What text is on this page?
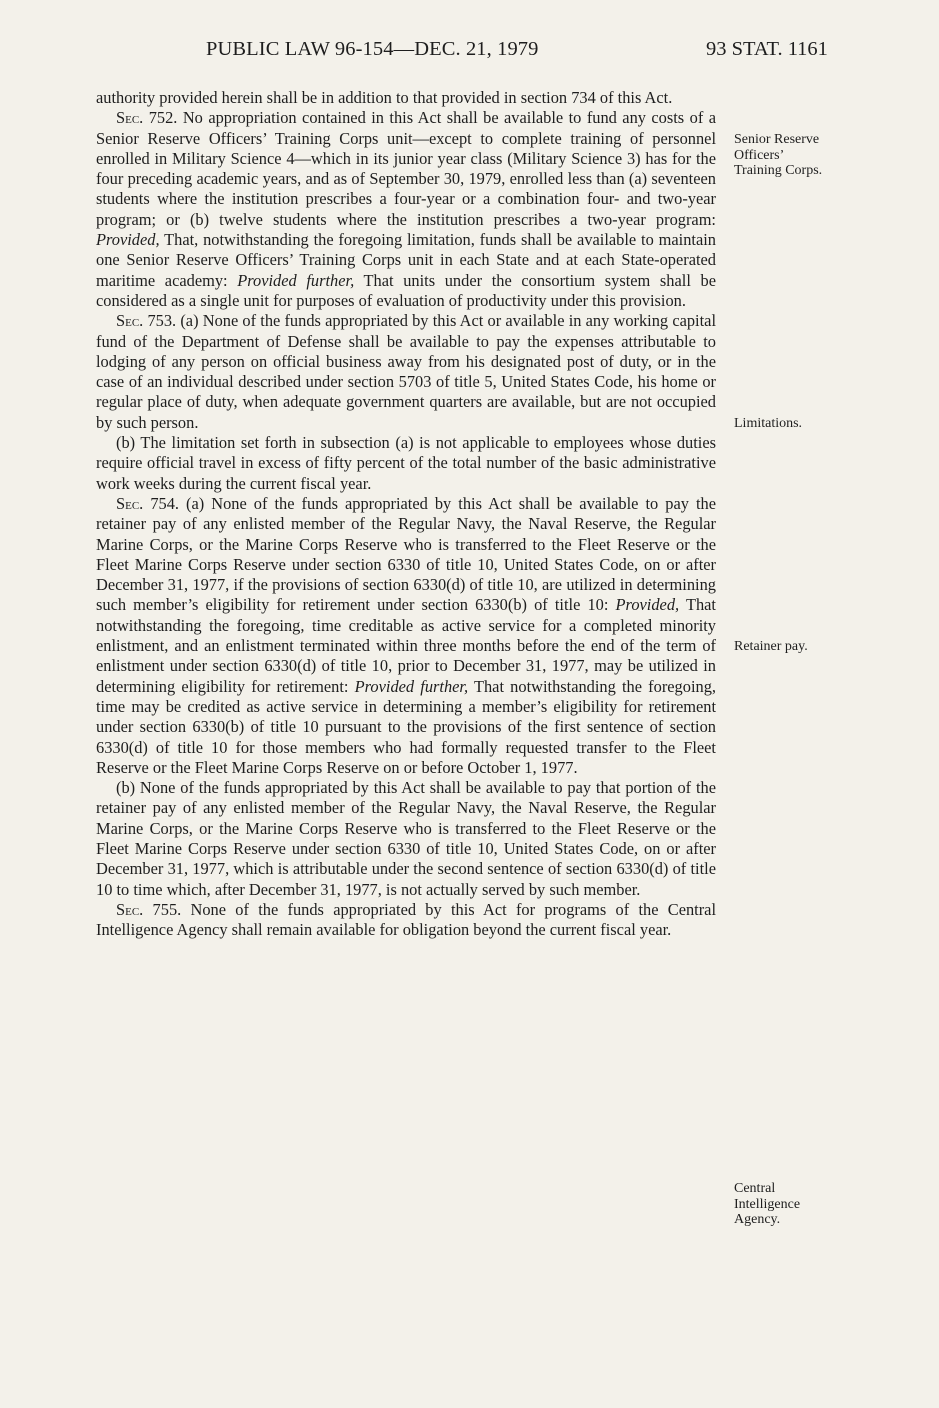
PUBLIC LAW 96-154—DEC. 21, 1979	93 STAT. 1161

authority provided herein shall be in addition to that provided in section 734 of this Act.

Sec. 752. No appropriation contained in this Act shall be available to fund any costs of a Senior Reserve Officers’ Training Corps unit—except to complete training of personnel enrolled in Military Science 4—which in its junior year class (Military Science 3) has for the four preceding academic years, and as of September 30, 1979, enrolled less than (a) seventeen students where the institution prescribes a four-year or a combination four- and two-year program; or (b) twelve students where the institution prescribes a two-year program: Provided, That, notwithstanding the foregoing limitation, funds shall be available to maintain one Senior Reserve Officers’ Training Corps unit in each State and at each State-operated maritime academy: Provided further, That units under the consortium system shall be considered as a single unit for purposes of evaluation of productivity under this provision.

Sec. 753. (a) None of the funds appropriated by this Act or available in any working capital fund of the Department of Defense shall be available to pay the expenses attributable to lodging of any person on official business away from his designated post of duty, or in the case of an individual described under section 5703 of title 5, United States Code, his home or regular place of duty, when adequate government quarters are available, but are not occupied by such person.

(b) The limitation set forth in subsection (a) is not applicable to employees whose duties require official travel in excess of fifty percent of the total number of the basic administrative work weeks during the current fiscal year.

Sec. 754. (a) None of the funds appropriated by this Act shall be available to pay the retainer pay of any enlisted member of the Regular Navy, the Naval Reserve, the Regular Marine Corps, or the Marine Corps Reserve who is transferred to the Fleet Reserve or the Fleet Marine Corps Reserve under section 6330 of title 10, United States Code, on or after December 31, 1977, if the provisions of section 6330(d) of title 10, are utilized in determining such member’s eligibility for retirement under section 6330(b) of title 10: Provided, That notwithstanding the foregoing, time creditable as active service for a completed minority enlistment, and an enlistment terminated within three months before the end of the term of enlistment under section 6330(d) of title 10, prior to December 31, 1977, may be utilized in determining eligibility for retirement: Provided further, That notwithstanding the foregoing, time may be credited as active service in determining a member’s eligibility for retirement under section 6330(b) of title 10 pursuant to the provisions of the first sentence of section 6330(d) of title 10 for those members who had formally requested transfer to the Fleet Reserve or the Fleet Marine Corps Reserve on or before October 1, 1977.

(b) None of the funds appropriated by this Act shall be available to pay that portion of the retainer pay of any enlisted member of the Regular Navy, the Naval Reserve, the Regular Marine Corps, or the Marine Corps Reserve who is transferred to the Fleet Reserve or the Fleet Marine Corps Reserve under section 6330 of title 10, United States Code, on or after December 31, 1977, which is attributable under the second sentence of section 6330(d) of title 10 to time which, after December 31, 1977, is not actually served by such member.

Sec. 755. None of the funds appropriated by this Act for programs of the Central Intelligence Agency shall remain available for obligation beyond the current fiscal year.

Senior Reserve
Officers’
Training Corps.
Limitations.
Retainer pay.
Central
Intelligence
Agency.
